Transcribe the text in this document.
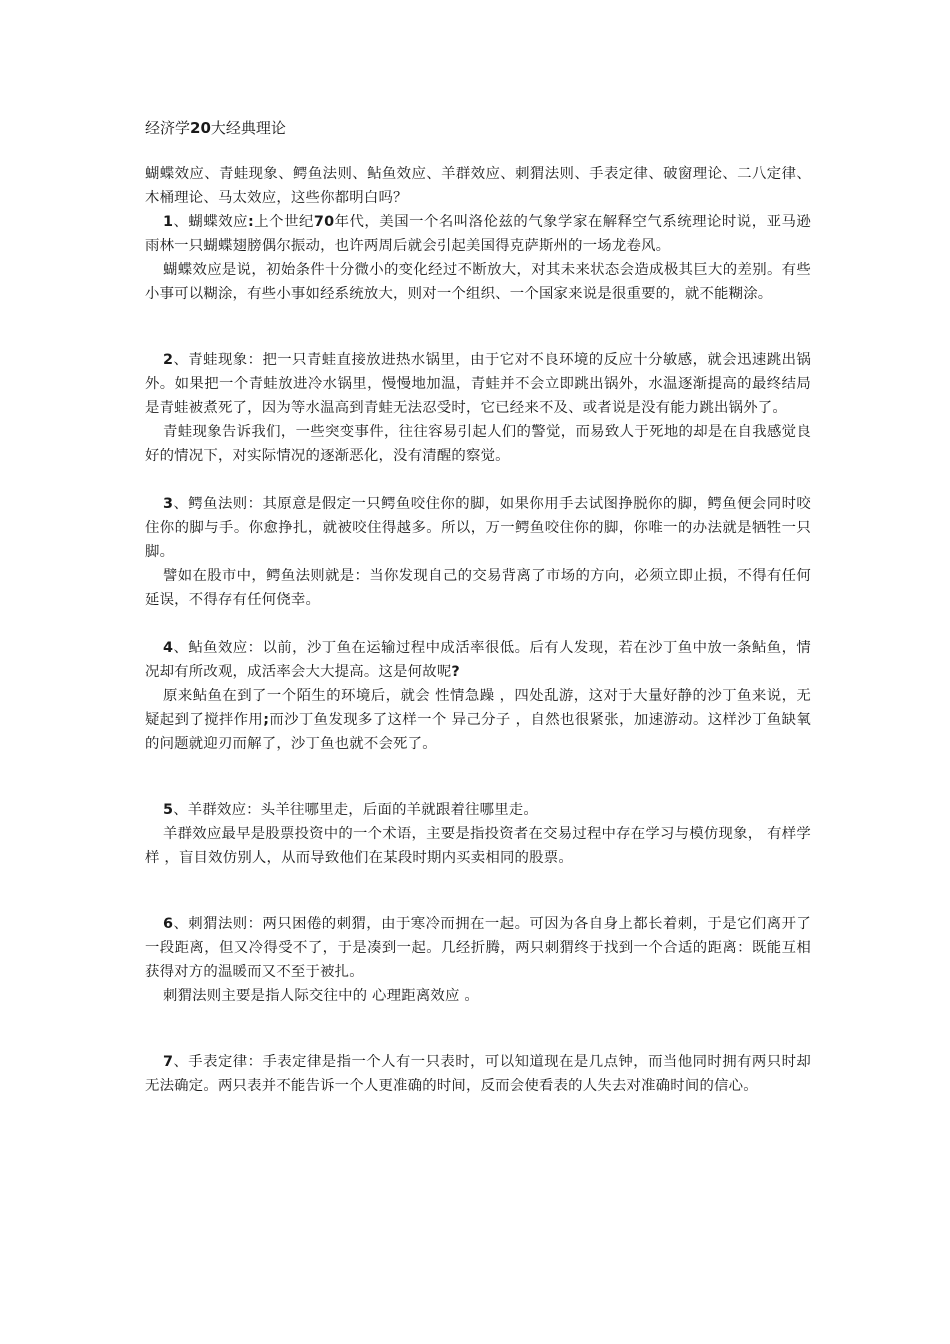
经济学20大经典理论

蝴蝶效应、青蛙现象、鳄鱼法则、鲇鱼效应、羊群效应、刺猬法则、手表定律、破窗理论、二八定律、木桶理论、马太效应，这些你都明白吗？

1、蝴蝶效应:上个世纪70年代，美国一个名叫洛伦兹的气象学家在解释空气系统理论时说，亚马逊雨林一只蝴蝶翅膀偶尔振动，也许两周后就会引起美国得克萨斯州的一场龙卷风。

蝴蝶效应是说，初始条件十分微小的变化经过不断放大，对其未来状态会造成极其巨大的差别。有些小事可以糊涂，有些小事如经系统放大，则对一个组织、一个国家来说是很重要的，就不能糊涂。

2、青蛙现象：把一只青蛙直接放进热水锅里，由于它对不良环境的反应十分敏感，就会迅速跳出锅外。如果把一个青蛙放进冷水锅里，慢慢地加温，青蛙并不会立即跳出锅外，水温逐渐提高的最终结局是青蛙被煮死了，因为等水温高到青蛙无法忍受时，它已经来不及、或者说是没有能力跳出锅外了。

青蛙现象告诉我们，一些突变事件，往往容易引起人们的警觉，而易致人于死地的却是在自我感觉良好的情况下，对实际情况的逐渐恶化，没有清醒的察觉。

3、鳄鱼法则：其原意是假定一只鳄鱼咬住你的脚，如果你用手去试图挣脱你的脚，鳄鱼便会同时咬住你的脚与手。你愈挣扎，就被咬住得越多。所以，万一鳄鱼咬住你的脚，你唯一的办法就是牺牲一只脚。

譬如在股市中，鳄鱼法则就是：当你发现自己的交易背离了市场的方向，必须立即止损，不得有任何延误，不得存有任何侥幸。

4、鲇鱼效应：以前，沙丁鱼在运输过程中成活率很低。后有人发现，若在沙丁鱼中放一条鲇鱼，情况却有所改观，成活率会大大提高。这是何故呢?

原来鲇鱼在到了一个陌生的环境后，就会 性情急躁 ，四处乱游，这对于大量好静的沙丁鱼来说，无疑起到了搅拌作用;而沙丁鱼发现多了这样一个 异己分子 ，自然也很紧张，加速游动。这样沙丁鱼缺氧的问题就迎刃而解了，沙丁鱼也就不会死了。

5、羊群效应：头羊往哪里走，后面的羊就跟着往哪里走。

羊群效应最早是股票投资中的一个术语，主要是指投资者在交易过程中存在学习与模仿现象， 有样学样 ，盲目效仿别人，从而导致他们在某段时期内买卖相同的股票。

6、刺猬法则：两只困倦的刺猬，由于寒冷而拥在一起。可因为各自身上都长着刺，于是它们离开了一段距离，但又冷得受不了，于是凑到一起。几经折腾，两只刺猬终于找到一个合适的距离：既能互相获得对方的温暖而又不至于被扎。

刺猬法则主要是指人际交往中的 心理距离效应 。

7、手表定律：手表定律是指一个人有一只表时，可以知道现在是几点钟，而当他同时拥有两只时却无法确定。两只表并不能告诉一个人更准确的时间，反而会使看表的人失去对准确时间的信心。
